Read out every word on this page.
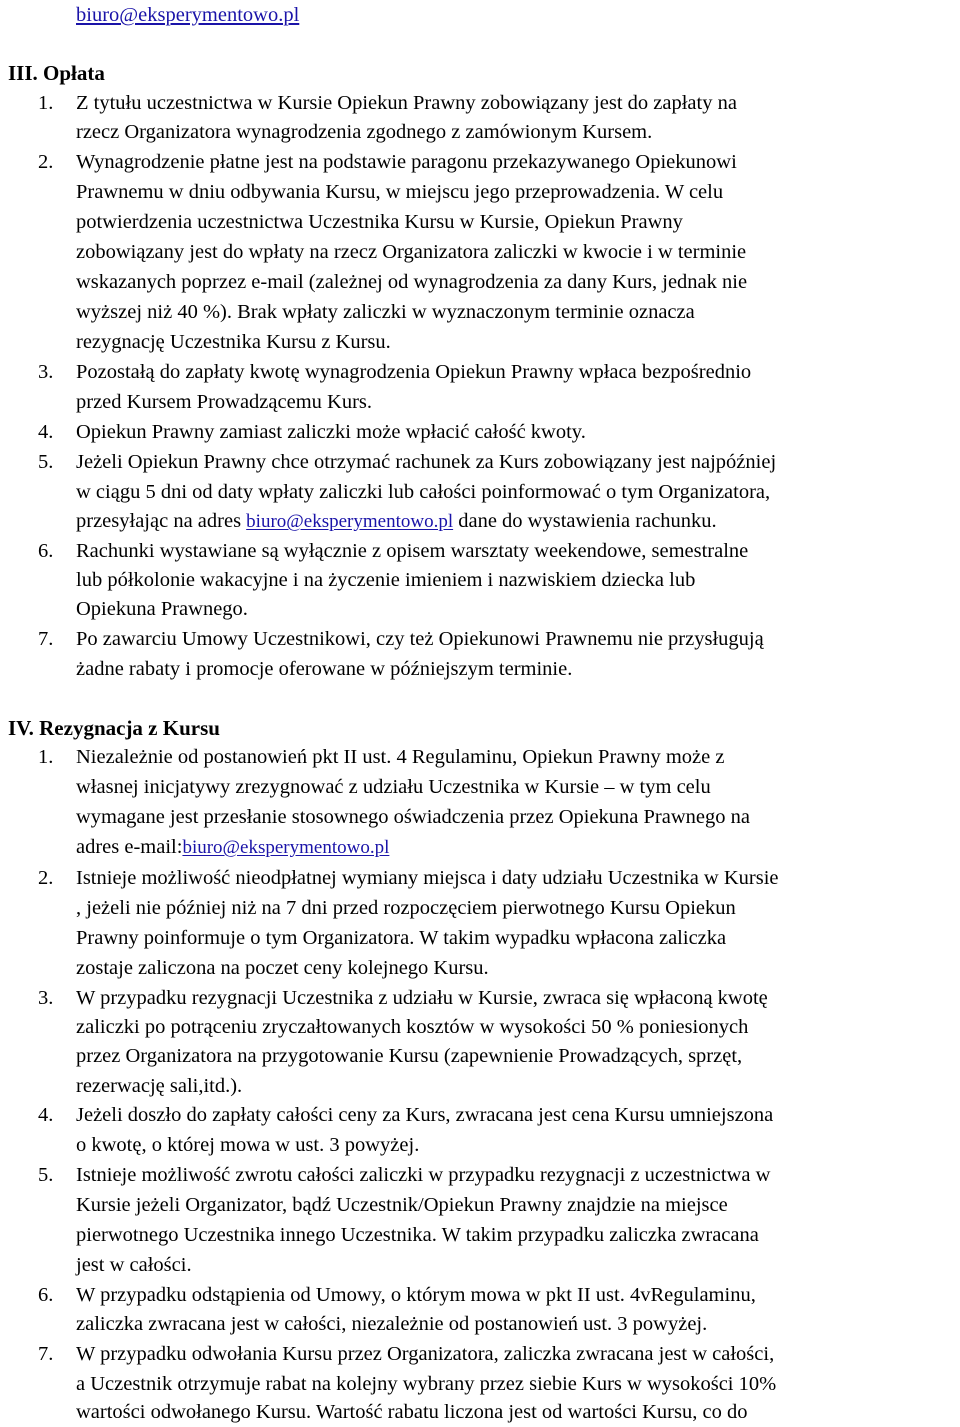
biuro@eksperymentowo.pl
III. Opłata
1. Z tytułu uczestnictwa w Kursie Opiekun Prawny zobowiązany jest do zapłaty na
rzecz Organizatora wynagrodzenia zgodnego z zamówionym Kursem.
2. Wynagrodzenie płatne jest na podstawie paragonu przekazywanego Opiekunowi
Prawnemu w dniu odbywania Kursu, w miejscu jego przeprowadzenia. W celu
potwierdzenia uczestnictwa Uczestnika Kursu w Kursie, Opiekun Prawny
zobowiązany jest do wpłaty na rzecz Organizatora zaliczki w kwocie i w terminie
wskazanych poprzez e-mail (zależnej od wynagrodzenia za dany Kurs, jednak nie
wyższej niż 40 %). Brak wpłaty zaliczki w wyznaczonym terminie oznacza
rezygnację Uczestnika Kursu z Kursu.
3. Pozostałą do zapłaty kwotę wynagrodzenia Opiekun Prawny wpłaca bezpośrednio
przed Kursem Prowadzącemu Kurs.
4. Opiekun Prawny zamiast zaliczki może wpłacić całość kwoty.
5. Jeżeli Opiekun Prawny chce otrzymać rachunek za Kurs zobowiązany jest najpóźniej
w ciągu 5 dni od daty wpłaty zaliczki lub całości poinformować o tym Organizatora,
przesyłając na adres biuro@eksperymentowo.pl dane do wystawienia rachunku.
6. Rachunki wystawiane są wyłącznie z opisem warsztaty weekendowe, semestralne
lub półkolonie wakacyjne i na życzenie imieniem i nazwiskiem dziecka lub
Opiekuna Prawnego.
7. Po zawarciu Umowy Uczestnikowi, czy też Opiekunowi Prawnemu nie przysługują
żadne rabaty i promocje oferowane w późniejszym terminie.
IV. Rezygnacja z Kursu
1. Niezależnie od postanowień pkt II ust. 4 Regulaminu, Opiekun Prawny może z
własnej inicjatywy zrezygnować z udziału Uczestnika w Kursie – w tym celu
wymagane jest przesłanie stosownego oświadczenia przez Opiekuna Prawnego na
adres e-mail:biuro@eksperymentowo.pl
2. Istnieje możliwość nieodpłatnej wymiany miejsca i daty udziału Uczestnika w Kursie
, jeżeli nie później niż na 7 dni przed rozpoczęciem pierwotnego Kursu Opiekun
Prawny poinformuje o tym Organizatora. W takim wypadku wpłacona zaliczka
zostaje zaliczona na poczet ceny kolejnego Kursu.
3. W przypadku rezygnacji Uczestnika z udziału w Kursie, zwraca się wpłaconą kwotę
zaliczki po potrąceniu zryczałtowanych kosztów w wysokości 50 % poniesionych
przez Organizatora na przygotowanie Kursu (zapewnienie Prowadzących, sprzęt,
rezerwację sali,itd.).
4. Jeżeli doszło do zapłaty całości ceny za Kurs, zwracana jest cena Kursu umniejszona
o kwotę, o której mowa w ust. 3 powyżej.
5. Istnieje możliwość zwrotu całości zaliczki w przypadku rezygnacji z uczestnictwa w
Kursie jeżeli Organizator, bądź Uczestnik/Opiekun Prawny znajdzie na miejsce
pierwotnego Uczestnika innego Uczestnika. W takim przypadku zaliczka zwracana
jest w całości.
6. W przypadku odstąpienia od Umowy, o którym mowa w pkt II ust. 4vRegulaminu,
zaliczka zwracana jest w całości, niezależnie od postanowień ust. 3 powyżej.
7. W przypadku odwołania Kursu przez Organizatora, zaliczka zwracana jest w całości,
a Uczestnik otrzymuje rabat na kolejny wybrany przez siebie Kurs w wysokości 10%
wartości odwołanego Kursu. Wartość rabatu liczona jest od wartości Kursu, co do
